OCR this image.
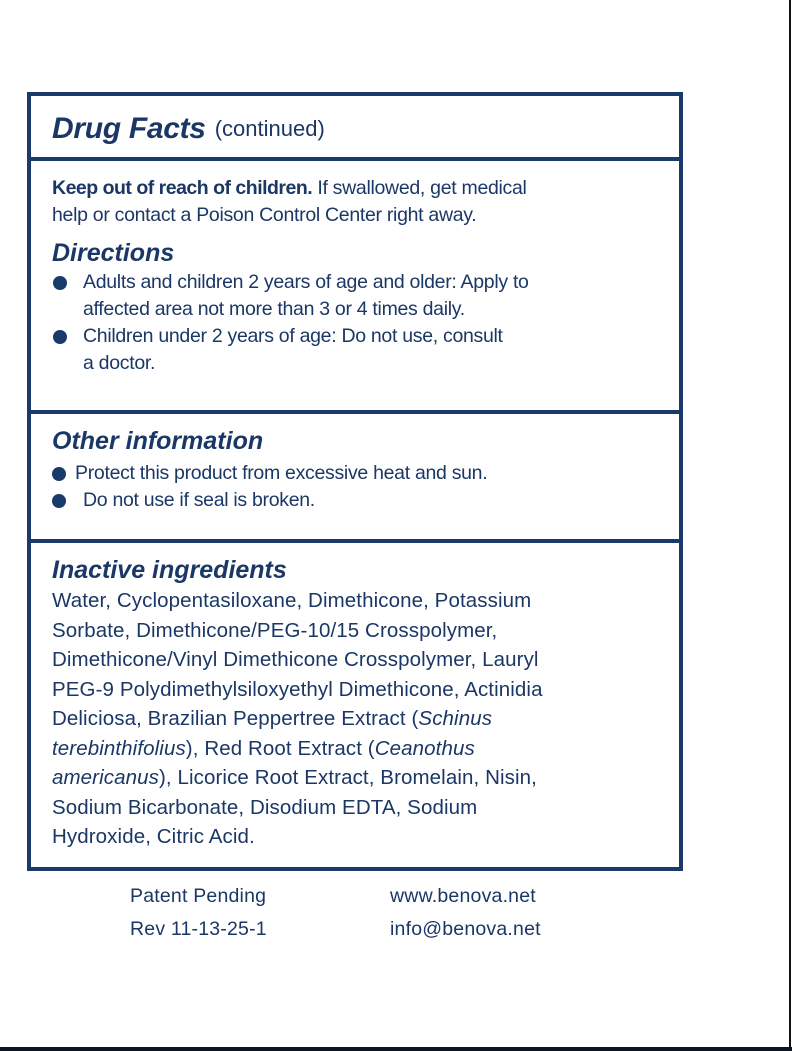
Drug Facts (continued)
Keep out of reach of children. If swallowed, get medical
help or contact a Poison Control Center right away.
Directions
Adults and children 2 years of age and older: Apply to
affected area not more than 3 or 4 times daily.
Children under 2 years of age: Do not use, consult
a doctor.
Other information
Protect this product from excessive heat and sun.
Do not use if seal is broken.
Inactive ingredients
Water, Cyclopentasiloxane, Dimethicone, Potassium
Sorbate, Dimethicone/PEG-10/15 Crosspolymer,
Dimethicone/Vinyl Dimethicone Crosspolymer, Lauryl
PEG-9 Polydimethylsiloxyethyl Dimethicone, Actinidia
Deliciosa, Brazilian Peppertree Extract (Schinus
terebinthifolius), Red Root Extract (Ceanothus
americanus), Licorice Root Extract, Bromelain, Nisin,
Sodium Bicarbonate, Disodium EDTA, Sodium
Hydroxide, Citric Acid.
Patent Pending
Rev 11-13-25-1
www.benova.net
info@benova.net
